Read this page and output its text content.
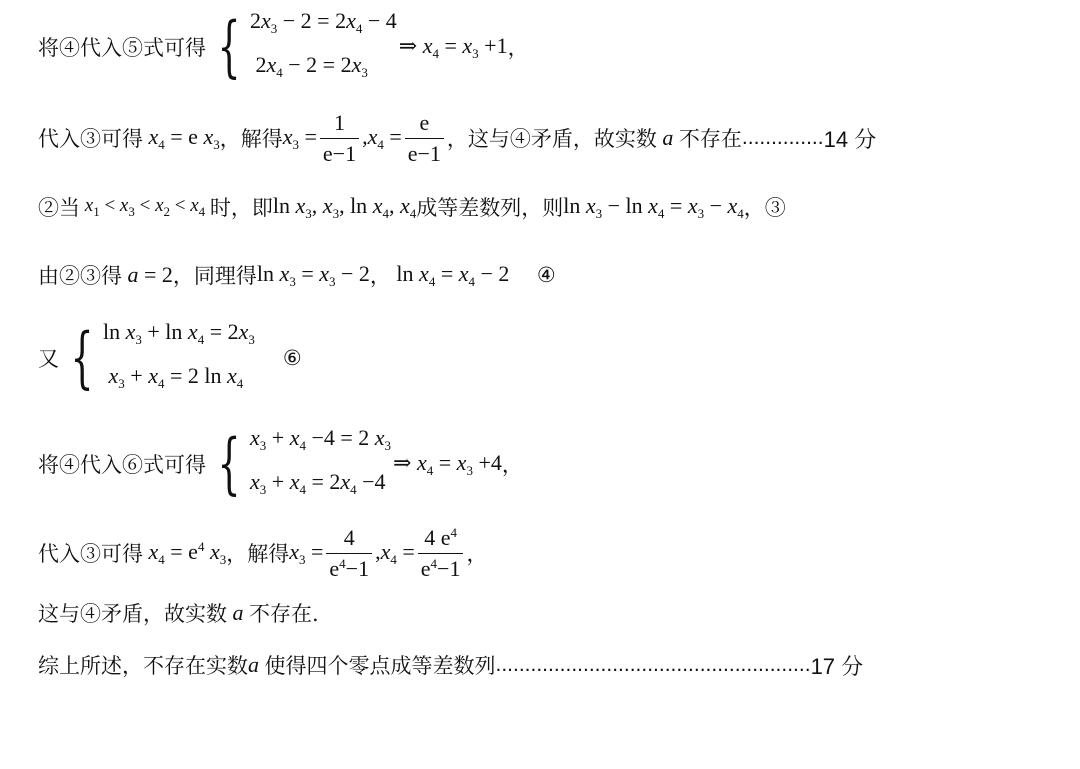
将④代入⑤式可得 { $2x_3 - 2 = 2x_4 - 4$
$2x_4 - 2 = 2x_3$
⇒ $x_4 = x_3 +1$ ，
代入③可得 $x_4 = e$ $x_3$ ，解得 $x_3 = \frac{1}{e-1} ,x_4 = \frac{e}{e-1}$ ，这与④矛盾，故实数 a 不存在 .............. 14 分
②当 $x_1 < x_3 < x_2 < x_4$ 时，即 $\ln x_3$, $x_3$, $\ln x_4$, $x_4$ 成等差数列，则 $\ln x_3 - \ln x_4 = x_3 - x_4$ ，③
由②③得 a = 2 ，同理得 $\ln x_3 = x_3 - 2$ ， $\ln x_4 = x_4 - 2$ ④
又 { $\ln x_3 + \ln x_4 = 2x_3$
$x_3 + x_4 = 2$ $\ln x_4$
⑥
将④代入⑥式可得 { $x_3 + x_4 -4 = 2$ $x_3$
$x_3 + x_4 = 2x_4 -4$
⇒ $x_4 = x_3 +4$ ，
代入③可得 $x_4 = e^4$ $x_3$ ，解得 $x_3 = \frac{4}{e^4-1} ,x_4 = \frac{4 e^4}{e^4-1}$ ，
这与④矛盾，故实数 a 不存在.
综上所述，不存在实数 a 使得四个零点成等差数列 ...................................................... 17 分
